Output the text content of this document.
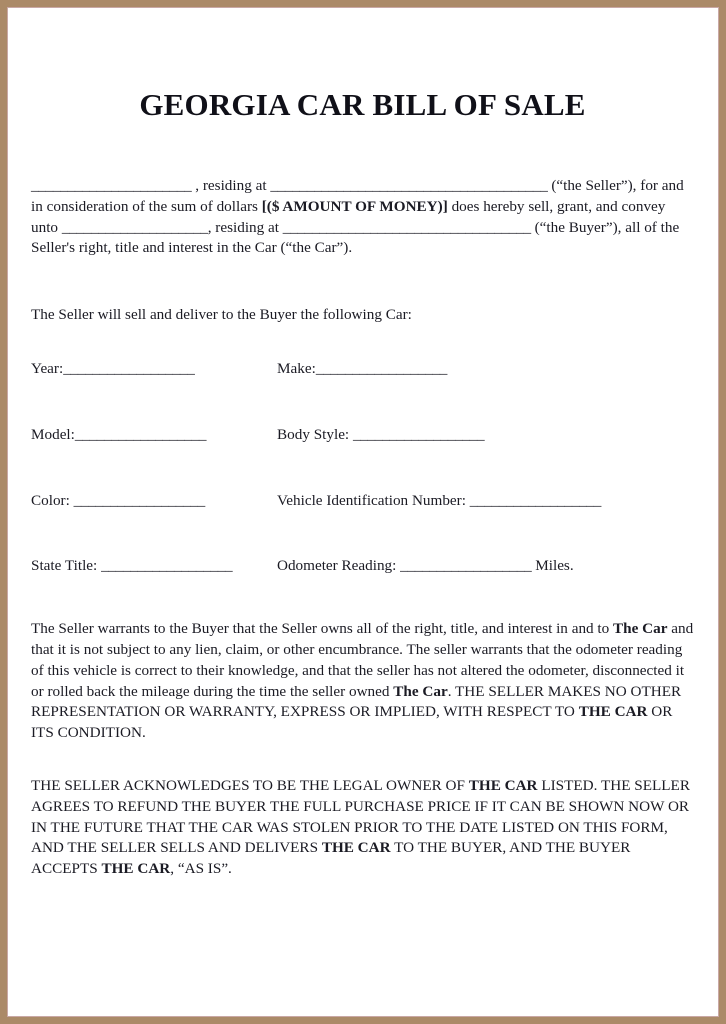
GEORGIA CAR BILL OF SALE

______________________ , residing at ______________________________________ (“the Seller”), for and in consideration of the sum of dollars [($ AMOUNT OF MONEY)] does hereby sell, grant, and convey unto ____________________, residing at __________________________________ (“the Buyer”), all of the Seller's right, title and interest in the Car (“the Car”).

The Seller will sell and deliver to the Buyer the following Car:

Year:__________________	Make:__________________
Model:__________________	Body Style: __________________
Color: __________________	Vehicle Identification Number: __________________
State Title: __________________	Odometer Reading: __________________ Miles.

The Seller warrants to the Buyer that the Seller owns all of the right, title, and interest in and to The Car and that it is not subject to any lien, claim, or other encumbrance. The seller warrants that the odometer reading of this vehicle is correct to their knowledge, and that the seller has not altered the odometer, disconnected it or rolled back the mileage during the time the seller owned The Car. THE SELLER MAKES NO OTHER REPRESENTATION OR WARRANTY, EXPRESS OR IMPLIED, WITH RESPECT TO THE CAR OR ITS CONDITION.

THE SELLER ACKNOWLEDGES TO BE THE LEGAL OWNER OF THE CAR LISTED. THE SELLER AGREES TO REFUND THE BUYER THE FULL PURCHASE PRICE IF IT CAN BE SHOWN NOW OR IN THE FUTURE THAT THE CAR WAS STOLEN PRIOR TO THE DATE LISTED ON THIS FORM, AND THE SELLER SELLS AND DELIVERS THE CAR TO THE BUYER, AND THE BUYER ACCEPTS THE CAR, “AS IS”.
